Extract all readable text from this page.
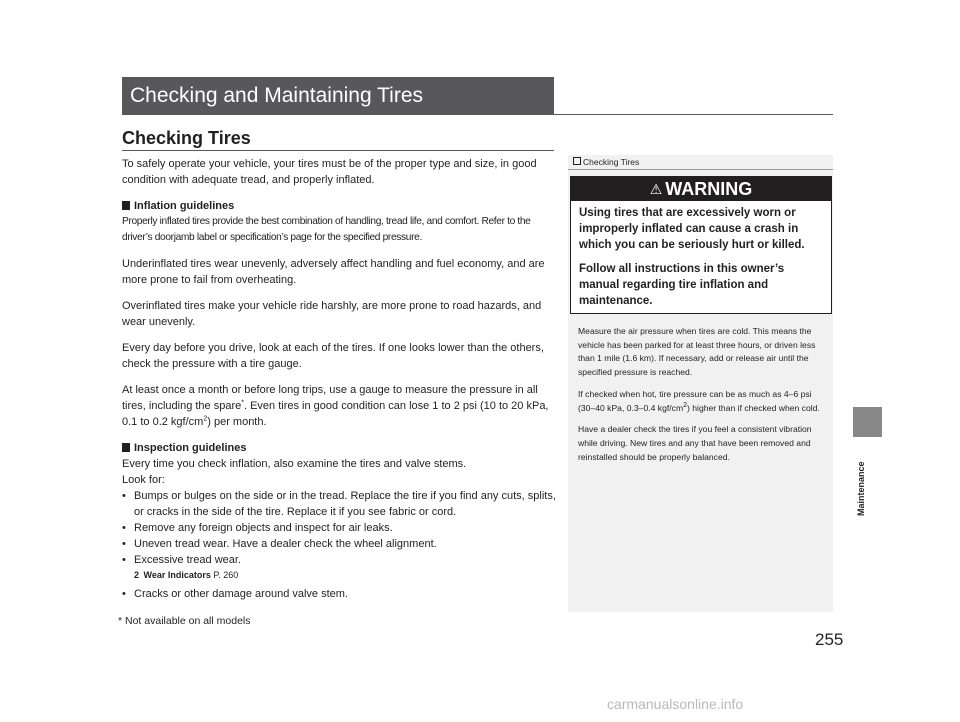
Checking and Maintaining Tires
Checking Tires

To safely operate your vehicle, your tires must be of the proper type and size, in good condition with adequate tread, and properly inflated.

Inflation guidelines

Properly inflated tires provide the best combination of handling, tread life, and comfort. Refer to the driver’s doorjamb label or specification’s page for the specified pressure.

Underinflated tires wear unevenly, adversely affect handling and fuel economy, and are more prone to fail from overheating.

Overinflated tires make your vehicle ride harshly, are more prone to road hazards, and wear unevenly.

Every day before you drive, look at each of the tires. If one looks lower than the others, check the pressure with a tire gauge.

At least once a month or before long trips, use a gauge to measure the pressure in all tires, including the spare*. Even tires in good condition can lose 1 to 2 psi (10 to 20 kPa, 0.1 to 0.2 kgf/$cm^2$) per month.

Inspection guidelines
Every time you check inflation, also examine the tires and valve stems.
Look for:
• Bumps or bulges on the side or in the tread. Replace the tire if you find any cuts, splits, or cracks in the side of the tire. Replace it if you see fabric or cord.
• Remove any foreign objects and inspect for air leaks.
• Uneven tread wear. Have a dealer check the wheel alignment.
• Excessive tread wear.
2 Wear Indicators P. 260
• Cracks or other damage around valve stem.
Checking Tires
⚠ WARNING

Using tires that are excessively worn or improperly inflated can cause a crash in which you can be seriously hurt or killed.

Follow all instructions in this owner’s manual regarding tire inflation and maintenance.

Measure the air pressure when tires are cold. This means the vehicle has been parked for at least three hours, or driven less than 1 mile (1.6 km). If necessary, add or release air until the specified pressure is reached.

If checked when hot, tire pressure can be as much as 4–6 psi (30–40 kPa, 0.3–0.4 kgf/$cm^2$) higher than if checked when cold.

Have a dealer check the tires if you feel a consistent vibration while driving. New tires and any that have been removed and reinstalled should be properly balanced.

Maintenance
* Not available on all models
255
carmanualsonline.info
